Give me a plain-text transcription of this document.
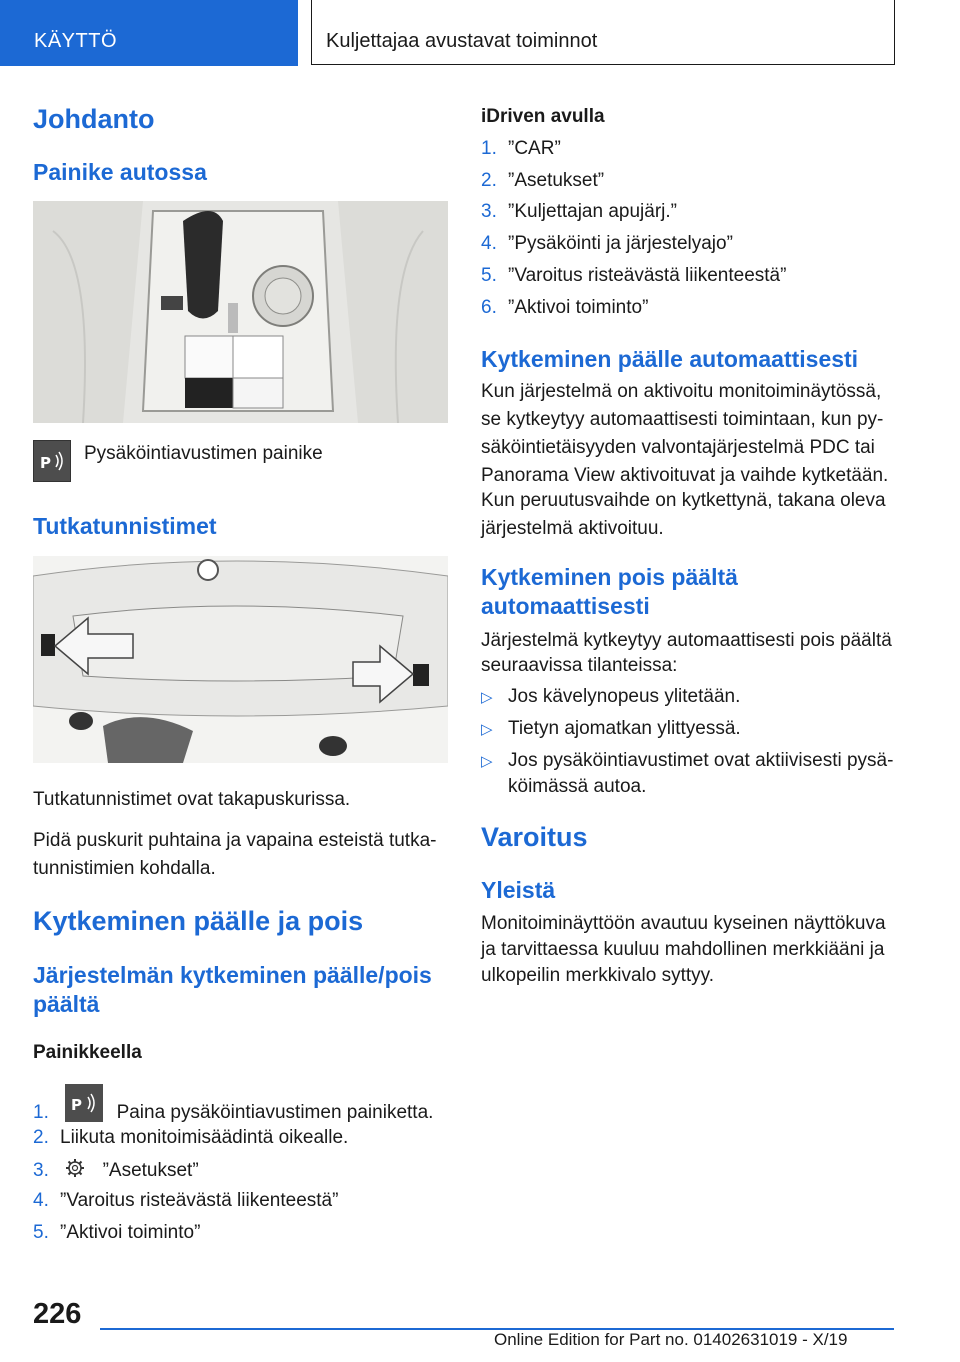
KÄYTTÖ	Kuljettajaa avustavat toiminnot
Johdanto
Painike autossa
P Pysäköintiavustimen painike
Tutkatunnistimet
Tutkatunnistimet ovat takapuskurissa.
Pidä puskurit puhtaina ja vapaina esteistä tutka‐
tunnistimien kohdalla.
Kytkeminen päälle ja pois
Järjestelmän kytkeminen päälle/pois
päältä
Painikkeella
1. P Paina pysäköintiavustimen painiketta.
2. Liikuta monitoimisäädintä oikealle.
3.	”Asetukset”
4. ”Varoitus risteävästä liikenteestä”
5. ”Aktivoi toiminto”
iDriven avulla
1. ”CAR”
2. ”Asetukset”
3. ”Kuljettajan apujärj.”
4. ”Pysäköinti ja järjestelyajo”
5. ”Varoitus risteävästä liikenteestä”
6. ”Aktivoi toiminto”
Kytkeminen päälle automaattisesti
Kun järjestelmä on aktivoitu monitoiminäytössä,
se kytkeytyy automaattisesti toimintaan, kun py‐
säköintietäisyyden valvontajärjestelmä PDC tai
Panorama View aktivoituvat ja vaihde kytketään.
Kun peruutusvaihde on kytkettynä, takana oleva
järjestelmä aktivoituu.
Kytkeminen pois päältä
automaattisesti
Järjestelmä kytkeytyy automaattisesti pois päältä
seuraavissa tilanteissa:
▷ Jos kävelynopeus ylitetään.
▷ Tietyn ajomatkan ylittyessä.
▷ Jos pysäköintiavustimet ovat aktiivisesti pysä‐
köimässä autoa.
Varoitus
Yleistä
Monitoiminäyttöön avautuu kyseinen näyttökuva
ja tarvittaessa kuuluu mahdollinen merkkiääni ja
ulkopeilin merkkivalo syttyy.
226
Online Edition for Part no. 01402631019 - X/19
